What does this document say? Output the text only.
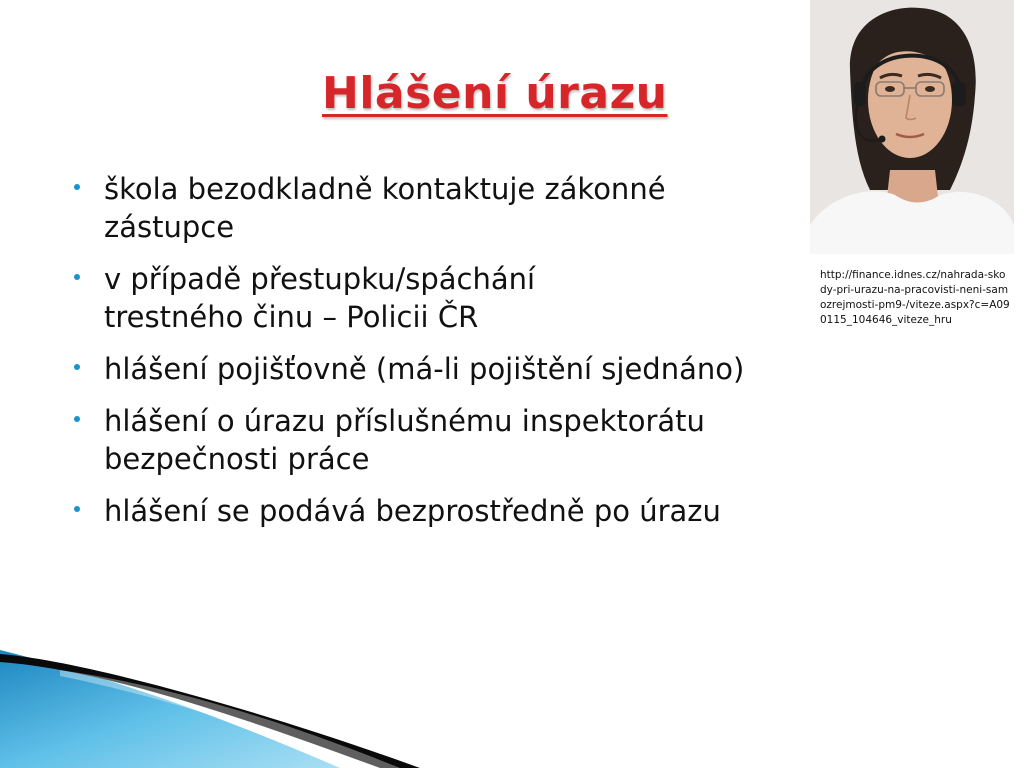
Hlášení úrazu
škola bezodkladně kontaktuje zákonné
zástupce
v případě přestupku/spáchání
trestného činu – Policii ČR
hlášení pojišťovně (má-li pojištění sjednáno)
hlášení o úrazu příslušnému inspektorátu
bezpečnosti práce
hlášení se podává bezprostředně po úrazu
http://finance.idnes.cz/nahrada-skody-pri-urazu-na-pracovisti-neni-samozrejmosti-pm9-/viteze.aspx?c=A090115_104646_viteze_hru
